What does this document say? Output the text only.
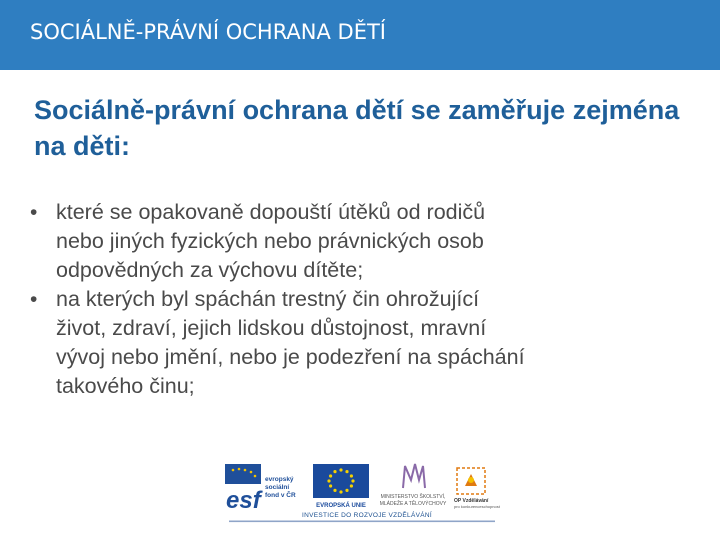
SOCIÁLNĚ-PRÁVNÍ OCHRANA DĚTÍ
Sociálně-právní ochrana dětí se zaměřuje zejména na děti:
• které se opakovaně dopouští útěků od rodičů
nebo jiných fyzických nebo právnických osob
odpovědných za výchovu dítěte;
• na kterých byl spáchán trestný čin ohrožující
život, zdraví, jejich lidskou důstojnost, mravní
vývoj nebo jmění, nebo je podezření na spáchání
takového činu;
esf
evropský
sociální
fond v ČR
EVROPSKÁ UNIE
MINISTERSTVO ŠKOLSTVÍ,
MLÁDEŽE A TĚLOVÝCHOVY OP Vzdělávání
pro konkurenceschopnost
INVESTICE DO ROZVOJE VZDĚLÁVÁNÍ
